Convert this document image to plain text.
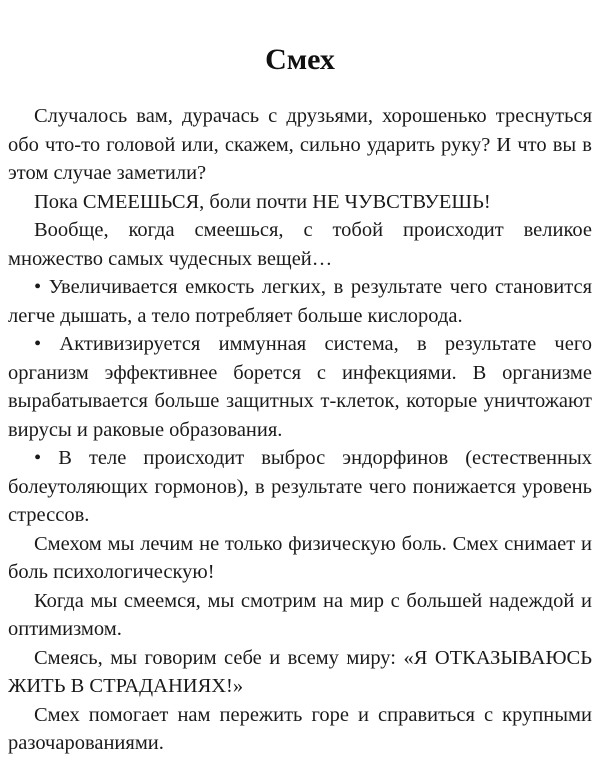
Смех

Случалось вам, дурачась с друзьями, хорошенько треснуться обо что-то головой или, скажем, сильно ударить руку? И что вы в этом случае заметили?

Пока СМЕЕШЬСЯ, боли почти НЕ ЧУВСТВУЕШЬ!

Вообще, когда смеешься, с тобой происходит великое множество самых чудесных вещей…

• Увеличивается емкость легких, в результате чего становится легче дышать, а тело потребляет больше кислорода.

• Активизируется иммунная система, в результате чего организм эффективнее борется с инфекциями. В организме вырабатывается больше защитных т-клеток, которые уничтожают вирусы и раковые образования.

• В теле происходит выброс эндорфинов (естественных болеутоляющих гормонов), в результате чего понижается уровень стрессов.

Смехом мы лечим не только физическую боль. Смех снимает и боль психологическую!

Когда мы смеемся, мы смотрим на мир с большей надеждой и оптимизмом.

Смеясь, мы говорим себе и всему миру: «Я ОТКАЗЫВАЮСЬ ЖИТЬ В СТРАДАНИЯХ!»

Смех помогает нам пережить горе и справиться с крупными разочарованиями.
